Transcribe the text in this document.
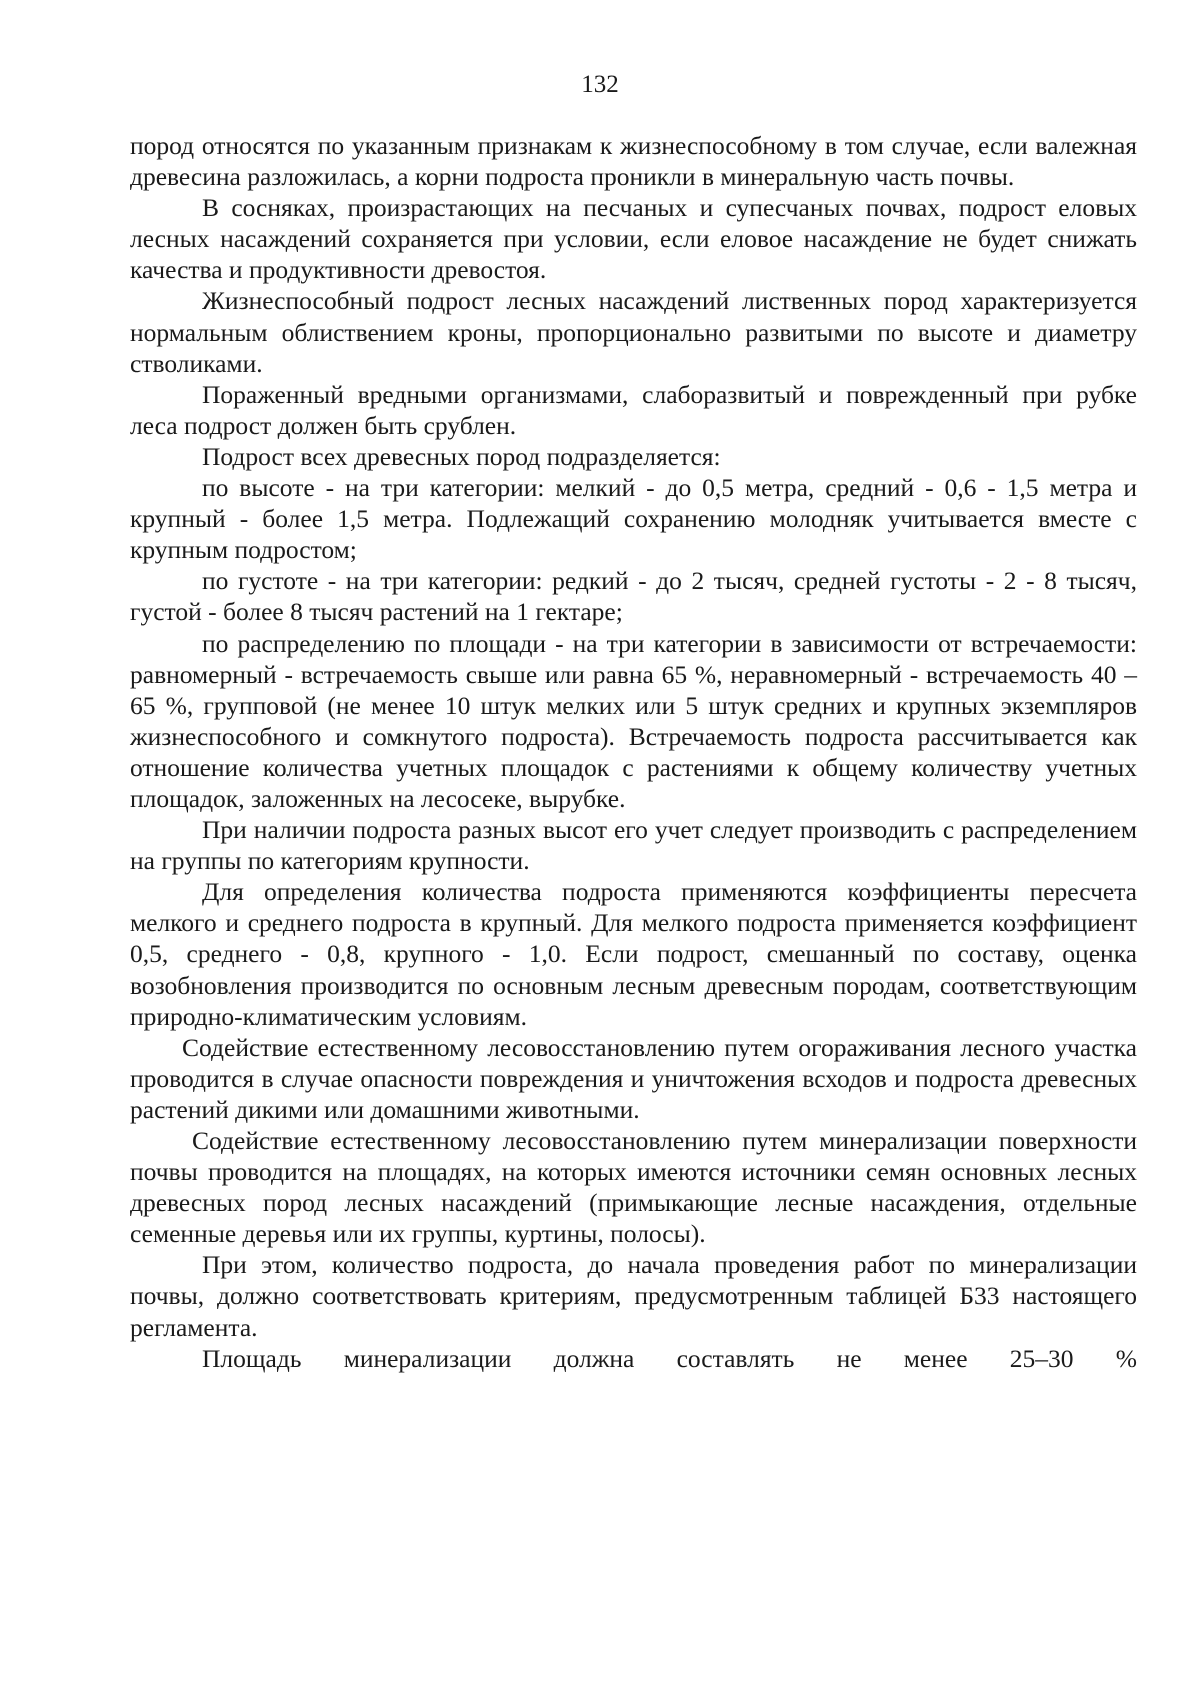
132

пород относятся по указанным признакам к жизнеспособному в том случае, если валежная древесина разложилась, а корни подроста проникли в минеральную часть почвы.

В сосняках, произрастающих на песчаных и супесчаных почвах, подрост еловых лесных насаждений сохраняется при условии, если еловое насаждение не будет снижать качества и продуктивности древостоя.

Жизнеспособный подрост лесных насаждений лиственных пород характеризуется нормальным облиствением кроны, пропорционально развитыми по высоте и диаметру стволиками.

Пораженный вредными организмами, слаборазвитый и поврежденный при рубке леса подрост должен быть срублен.

Подрост всех древесных пород подразделяется:

по высоте - на три категории: мелкий - до 0,5 метра, средний - 0,6 - 1,5 метра и крупный - более 1,5 метра. Подлежащий сохранению молодняк учитывается вместе с крупным подростом;

по густоте - на три категории: редкий - до 2 тысяч, средней густоты - 2 - 8 тысяч, густой - более 8 тысяч растений на 1 гектаре;

по распределению по площади - на три категории в зависимости от встречаемости: равномерный - встречаемость свыше или равна 65 %, неравномерный - встречаемость 40 – 65 %, групповой (не менее 10 штук мелких или 5 штук средних и крупных экземпляров жизнеспособного и сомкнутого подроста). Встречаемость подроста рассчитывается как отношение количества учетных площадок с растениями к общему количеству учетных площадок, заложенных на лесосеке, вырубке.

При наличии подроста разных высот его учет следует производить с распределением на группы по категориям крупности.

Для определения количества подроста применяются коэффициенты пересчета мелкого и среднего подроста в крупный. Для мелкого подроста применяется коэффициент 0,5, среднего - 0,8, крупного - 1,0. Если подрост, смешанный по составу, оценка возобновления производится по основным лесным древесным породам, соответствующим природно-климатическим условиям.

Содействие естественному лесовосстановлению путем огораживания лесного участка проводится в случае опасности повреждения и уничтожения всходов и подроста древесных растений дикими или домашними животными.

Содействие естественному лесовосстановлению путем минерализации поверхности почвы проводится на площадях, на которых имеются источники семян основных лесных древесных пород лесных насаждений (примыкающие лесные насаждения, отдельные семенные деревья или их группы, куртины, полосы).

При этом, количество подроста, до начала проведения работ по минерализации почвы, должно соответствовать критериям, предусмотренным таблицей Б33 настоящего регламента.

Площадь минерализации должна составлять не менее 25–30 %
